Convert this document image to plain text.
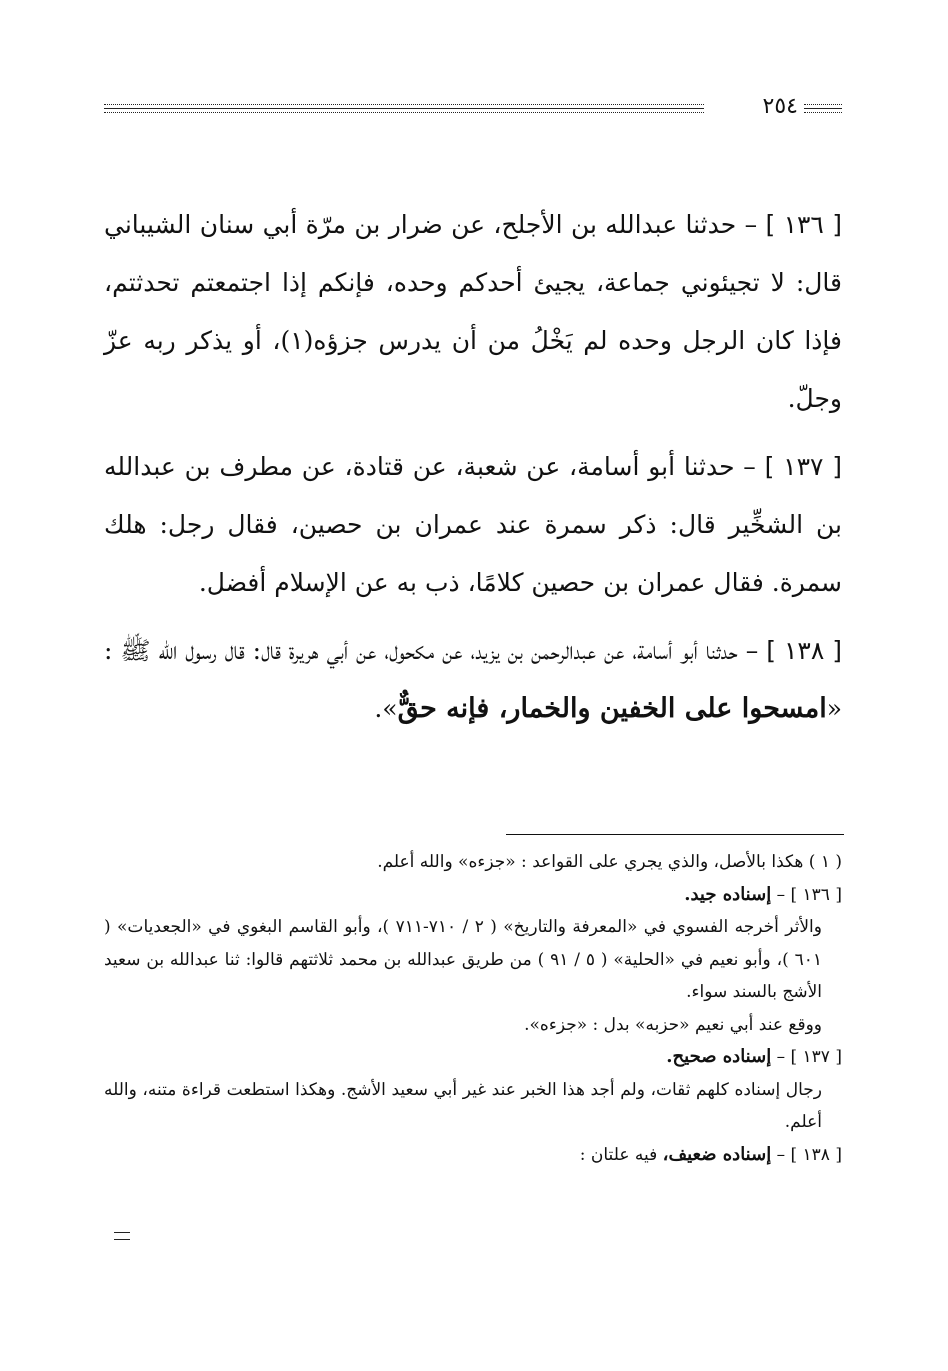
٢٥٤

[ ١٣٦ ] – حدثنا عبدالله بن الأجلح، عن ضرار بن مرّة أبي سنان الشيباني قال: لا تجيئوني جماعة، يجيئ أحدكم وحده، فإنكم إذا اجتمعتم تحدثتم، فإذا كان الرجل وحده لم يَخْلُ من أن يدرس جزؤه(١)، أو يذكر ربه عزّ وجلّ.

[ ١٣٧ ] – حدثنا أبو أسامة، عن شعبة، عن قتادة، عن مطرف بن عبدالله بن الشخِّير قال: ذكر سمرة عند عمران بن حصين، فقال رجل: هلك سمرة. فقال عمران بن حصين كلامًا، ذب به عن الإسلام أفضل.

[ ١٣٨ ] – حدثنا أبو أسامة، عن عبدالرحمن بن يزيد، عن مكحول، عن أبي هريرة قال: قال رسول الله ﷺ : «امسحوا على الخفين والخمار، فإنه حقٌّ».

( ١ ) هكذا بالأصل، والذي يجري على القواعد : «جزءه» والله أعلم.

[ ١٣٦ ] – إسناده جيد.

والأثر أخرجه الفسوي في «المعرفة والتاريخ» ( ٢ / ٧١٠-٧١١ )، وأبو القاسم البغوي في «الجعديات» ( ٦٠١ )، وأبو نعيم في «الحلية» ( ٥ / ٩١ ) من طريق عبدالله بن محمد ثلاثتهم قالوا: ثنا عبدالله بن سعيد الأشج بالسند سواء.

ووقع عند أبي نعيم «حزبه» بدل : «جزءه».

[ ١٣٧ ] – إسناده صحيح.

رجال إسناده كلهم ثقات، ولم أجد هذا الخبر عند غير أبي سعيد الأشج. وهكذا استطعت قراءة متنه، والله أعلم.

[ ١٣٨ ] – إسناده ضعيف، فيه علتان :
